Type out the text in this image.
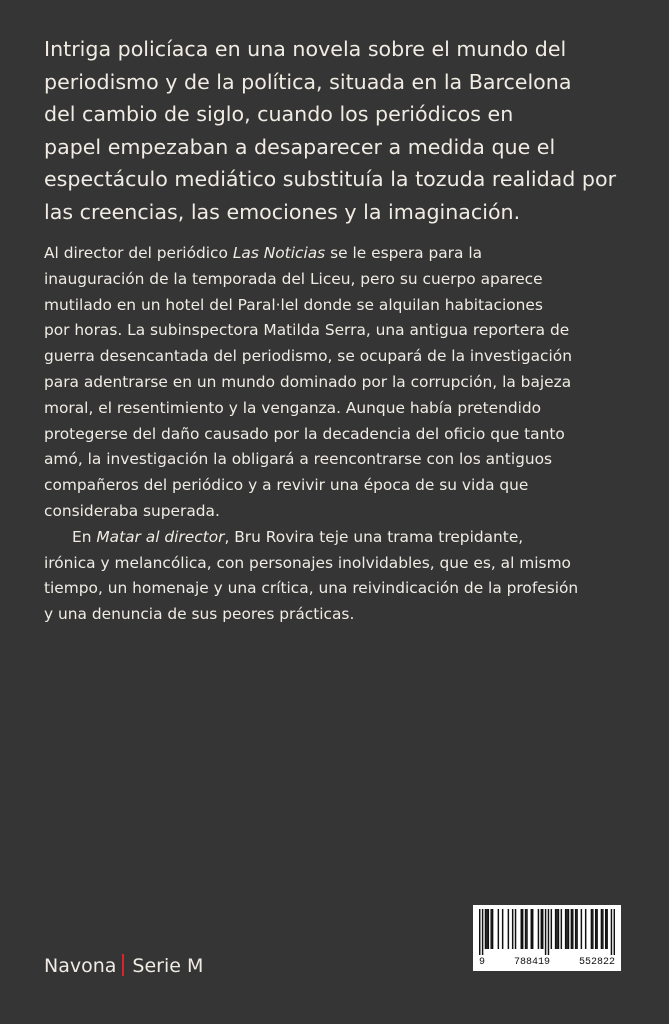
Intriga policíaca en una novela sobre el mundo del
periodismo y de la política, situada en la Barcelona
del cambio de siglo, cuando los periódicos en
papel empezaban a desaparecer a medida que el
espectáculo mediático substituía la tozuda realidad por
las creencias, las emociones y la imaginación.

Al director del periódico Las Noticias se le espera para la
inauguración de la temporada del Liceu, pero su cuerpo aparece
mutilado en un hotel del Paral·lel donde se alquilan habitaciones
por horas. La subinspectora Matilda Serra, una antigua reportera de
guerra desencantada del periodismo, se ocupará de la investigación
para adentrarse en un mundo dominado por la corrupción, la bajeza
moral, el resentimiento y la venganza. Aunque había pretendido
protegerse del daño causado por la decadencia del oficio que tanto
amó, la investigación la obligará a reencontrarse con los antiguos
compañeros del periódico y a revivir una época de su vida que
consideraba superada.

En Matar al director, Bru Rovira teje una trama trepidante,
irónica y melancólica, con personajes inolvidables, que es, al mismo
tiempo, un homenaje y una crítica, una reivindicación de la profesión
y una denuncia de sus peores prácticas.

Navona Serie M	9	788419	552822
